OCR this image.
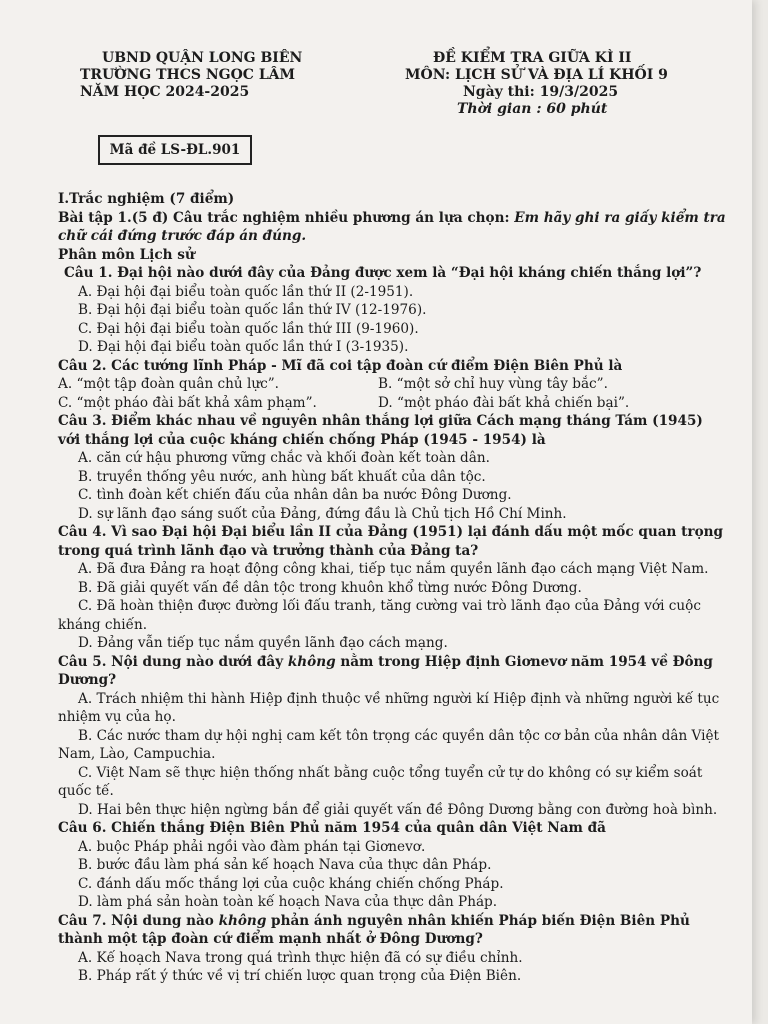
UBND QUẬN LONG BIÊN
TRƯỜNG THCS NGỌC LÂM
NĂM HỌC 2024-2025
ĐỀ KIỂM TRA GIỮA KÌ II
MÔN: LỊCH SỬ VÀ ĐỊA LÍ KHỐI 9
Ngày thi: 19/3/2025
Thời gian : 60 phút
Mã đề LS-ĐL.901
I.Trắc nghiệm (7 điểm)
Bài tập 1.(5 đ) Câu trắc nghiệm nhiều phương án lựa chọn: Em hãy ghi ra giấy kiểm tra chữ cái đứng trước đáp án đúng.
Phân môn Lịch sử
Câu 1. Đại hội nào dưới đây của Đảng được xem là “Đại hội kháng chiến thắng lợi”?
A. Đại hội đại biểu toàn quốc lần thứ II (2-1951).
B. Đại hội đại biểu toàn quốc lần thứ IV (12-1976).
C. Đại hội đại biểu toàn quốc lần thứ III (9-1960).
D. Đại hội đại biểu toàn quốc lần thứ I (3-1935).
Câu 2. Các tướng lĩnh Pháp - Mĩ đã coi tập đoàn cứ điểm Điện Biên Phủ là
A. “một tập đoàn quân chủ lực”.	B. “một sở chỉ huy vùng tây bắc”.
C. “một pháo đài bất khả xâm phạm”.	D. “một pháo đài bất khả chiến bại”.
Câu 3. Điểm khác nhau về nguyên nhân thắng lợi giữa Cách mạng tháng Tám (1945) với thắng lợi của cuộc kháng chiến chống Pháp (1945 - 1954) là
A. căn cứ hậu phương vững chắc và khối đoàn kết toàn dân.
B. truyền thống yêu nước, anh hùng bất khuất của dân tộc.
C. tình đoàn kết chiến đấu của nhân dân ba nước Đông Dương.
D. sự lãnh đạo sáng suốt của Đảng, đứng đầu là Chủ tịch Hồ Chí Minh.
Câu 4. Vì sao Đại hội Đại biểu lần II của Đảng (1951) lại đánh dấu một mốc quan trọng trong quá trình lãnh đạo và trưởng thành của Đảng ta?
A. Đã đưa Đảng ra hoạt động công khai, tiếp tục nắm quyền lãnh đạo cách mạng Việt Nam.
B. Đã giải quyết vấn đề dân tộc trong khuôn khổ từng nước Đông Dương.
C. Đã hoàn thiện được đường lối đấu tranh, tăng cường vai trò lãnh đạo của Đảng với cuộc kháng chiến.
D. Đảng vẫn tiếp tục nắm quyền lãnh đạo cách mạng.
Câu 5. Nội dung nào dưới đây không nằm trong Hiệp định Giơnevơ năm 1954 về Đông Dương?
A. Trách nhiệm thi hành Hiệp định thuộc về những người kí Hiệp định và những người kế tục nhiệm vụ của họ.
B. Các nước tham dự hội nghị cam kết tôn trọng các quyền dân tộc cơ bản của nhân dân Việt Nam, Lào, Campuchia.
C. Việt Nam sẽ thực hiện thống nhất bằng cuộc tổng tuyển cử tự do không có sự kiểm soát quốc tế.
D. Hai bên thực hiện ngừng bắn để giải quyết vấn đề Đông Dương bằng con đường hoà bình.
Câu 6. Chiến thắng Điện Biên Phủ năm 1954 của quân dân Việt Nam đã
A. buộc Pháp phải ngồi vào đàm phán tại Giơnevơ.
B. bước đầu làm phá sản kế hoạch Nava của thực dân Pháp.
C. đánh dấu mốc thắng lợi của cuộc kháng chiến chống Pháp.
D. làm phá sản hoàn toàn kế hoạch Nava của thực dân Pháp.
Câu 7. Nội dung nào không phản ánh nguyên nhân khiến Pháp biến Điện Biên Phủ thành một tập đoàn cứ điểm mạnh nhất ở Đông Dương?
A. Kế hoạch Nava trong quá trình thực hiện đã có sự điều chỉnh.
B. Pháp rất ý thức về vị trí chiến lược quan trọng của Điện Biên.
